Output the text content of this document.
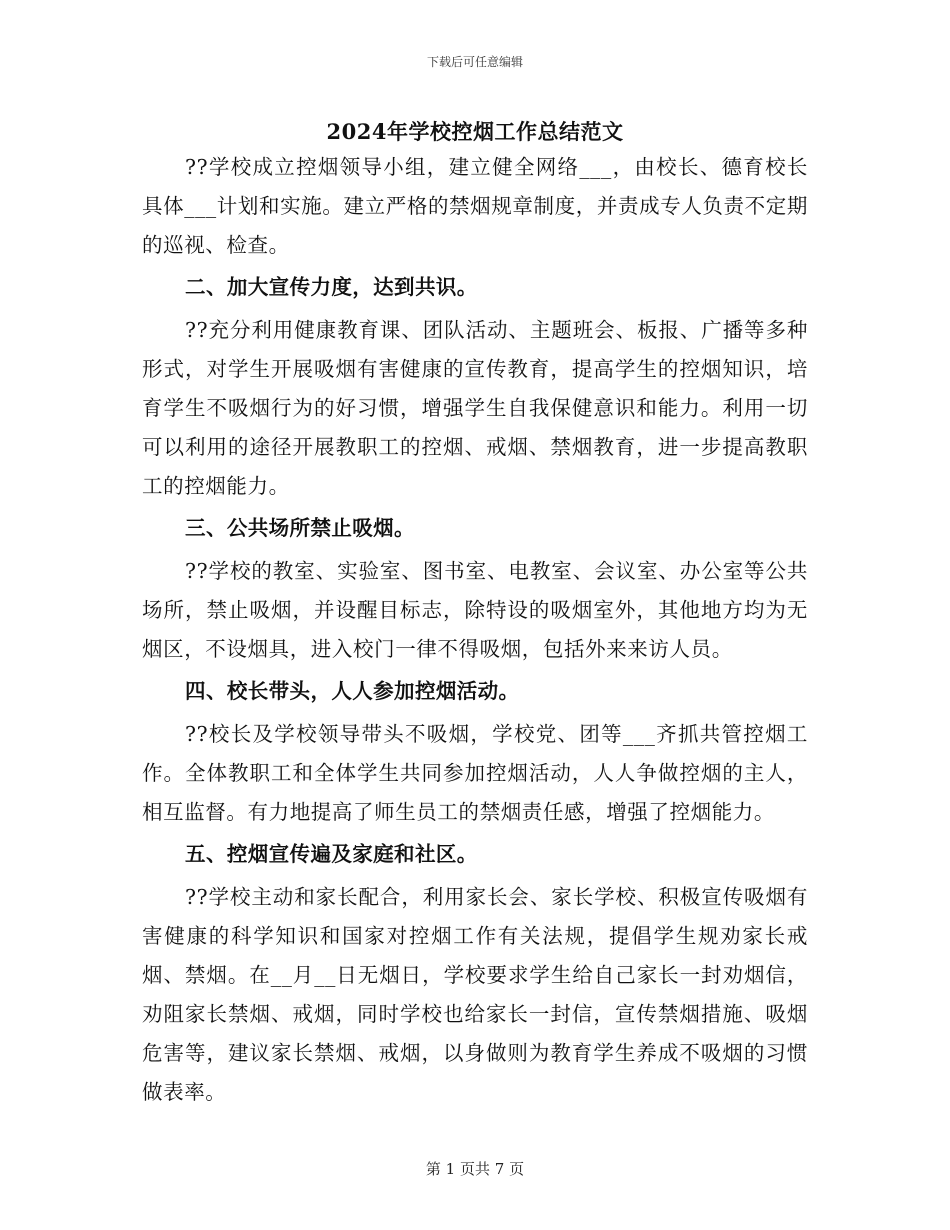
下载后可任意编辑
2024年学校控烟工作总结范文

??学校成立控烟领导小组，建立健全网络___，由校长、德育校长具体___计划和实施。建立严格的禁烟规章制度，并责成专人负责不定期的巡视、检查。

二、加大宣传力度，达到共识。

??充分利用健康教育课、团队活动、主题班会、板报、广播等多种形式，对学生开展吸烟有害健康的宣传教育，提高学生的控烟知识，培育学生不吸烟行为的好习惯，增强学生自我保健意识和能力。利用一切可以利用的途径开展教职工的控烟、戒烟、禁烟教育，进一步提高教职工的控烟能力。

三、公共场所禁止吸烟。

??学校的教室、实验室、图书室、电教室、会议室、办公室等公共场所，禁止吸烟，并设醒目标志，除特设的吸烟室外，其他地方均为无烟区，不设烟具，进入校门一律不得吸烟，包括外来来访人员。

四、校长带头，人人参加控烟活动。

??校长及学校领导带头不吸烟，学校党、团等___齐抓共管控烟工作。全体教职工和全体学生共同参加控烟活动，人人争做控烟的主人，相互监督。有力地提高了师生员工的禁烟责任感，增强了控烟能力。

五、控烟宣传遍及家庭和社区。

??学校主动和家长配合，利用家长会、家长学校、积极宣传吸烟有害健康的科学知识和国家对控烟工作有关法规，提倡学生规劝家长戒烟、禁烟。在__月__日无烟日，学校要求学生给自己家长一封劝烟信，劝阻家长禁烟、戒烟，同时学校也给家长一封信，宣传禁烟措施、吸烟危害等，建议家长禁烟、戒烟，以身做则为教育学生养成不吸烟的习惯做表率。

第 1 页共 7 页
